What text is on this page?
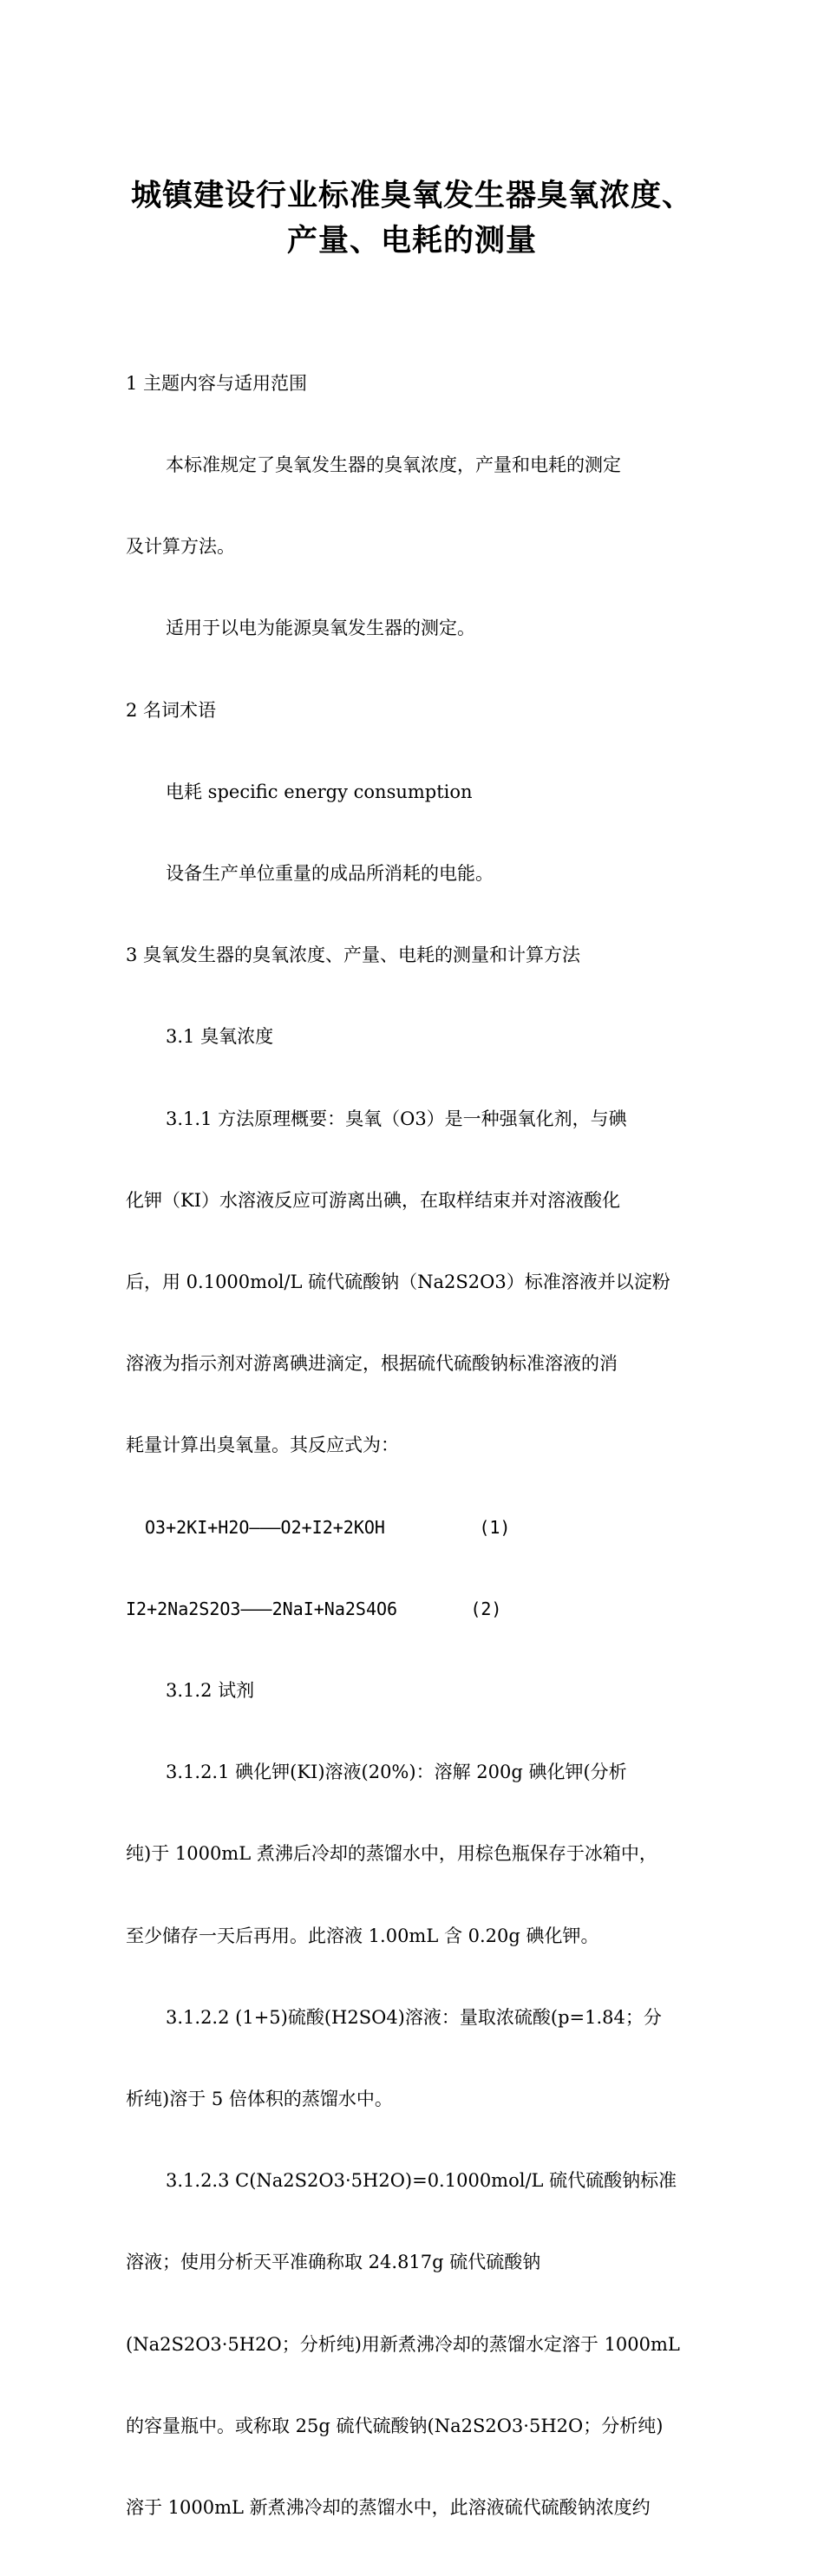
城镇建设行业标准臭氧发生器臭氧浓度、
产量、电耗的测量

1 主题内容与适用范围

本标准规定了臭氧发生器的臭氧浓度，产量和电耗的测定

及计算方法。

适用于以电为能源臭氧发生器的测定。

2 名词术语

电耗 specific energy consumption

设备生产单位重量的成品所消耗的电能。

3 臭氧发生器的臭氧浓度、产量、电耗的测量和计算方法

3.1 臭氧浓度

3.1.1 方法原理概要：臭氧（O3）是一种强氧化剂，与碘

化钾（KI）水溶液反应可游离出碘，在取样结束并对溶液酸化

后，用 0.1000mol/L 硫代硫酸钠（Na2S2O3）标准溶液并以淀粉

溶液为指示剂对游离碘进滴定，根据硫代硫酸钠标准溶液的消

耗量计算出臭氧量。其反应式为：

O3+2KI+H2O———O2+I2+2KOH         (1)

I2+2Na2S2O3———2NaI+Na2S4O6       (2)

3.1.2 试剂

3.1.2.1 碘化钾(KI)溶液(20%)：溶解 200g 碘化钾(分析

纯)于 1000mL 煮沸后冷却的蒸馏水中，用棕色瓶保存于冰箱中，

至少储存一天后再用。此溶液 1.00mL 含 0.20g 碘化钾。

3.1.2.2 (1+5)硫酸(H2SO4)溶液：量取浓硫酸(p=1.84；分

析纯)溶于 5 倍体积的蒸馏水中。

3.1.2.3 C(Na2S2O3·5H2O)=0.1000mol/L 硫代硫酸钠标准

溶液；使用分析天平准确称取 24.817g 硫代硫酸钠

(Na2S2O3·5H2O；分析纯)用新煮沸冷却的蒸馏水定溶于 1000mL

的容量瓶中。或称取 25g 硫代硫酸钠(Na2S2O3·5H2O；分析纯)

溶于 1000mL 新煮沸冷却的蒸馏水中，此溶液硫代硫酸钠浓度约
